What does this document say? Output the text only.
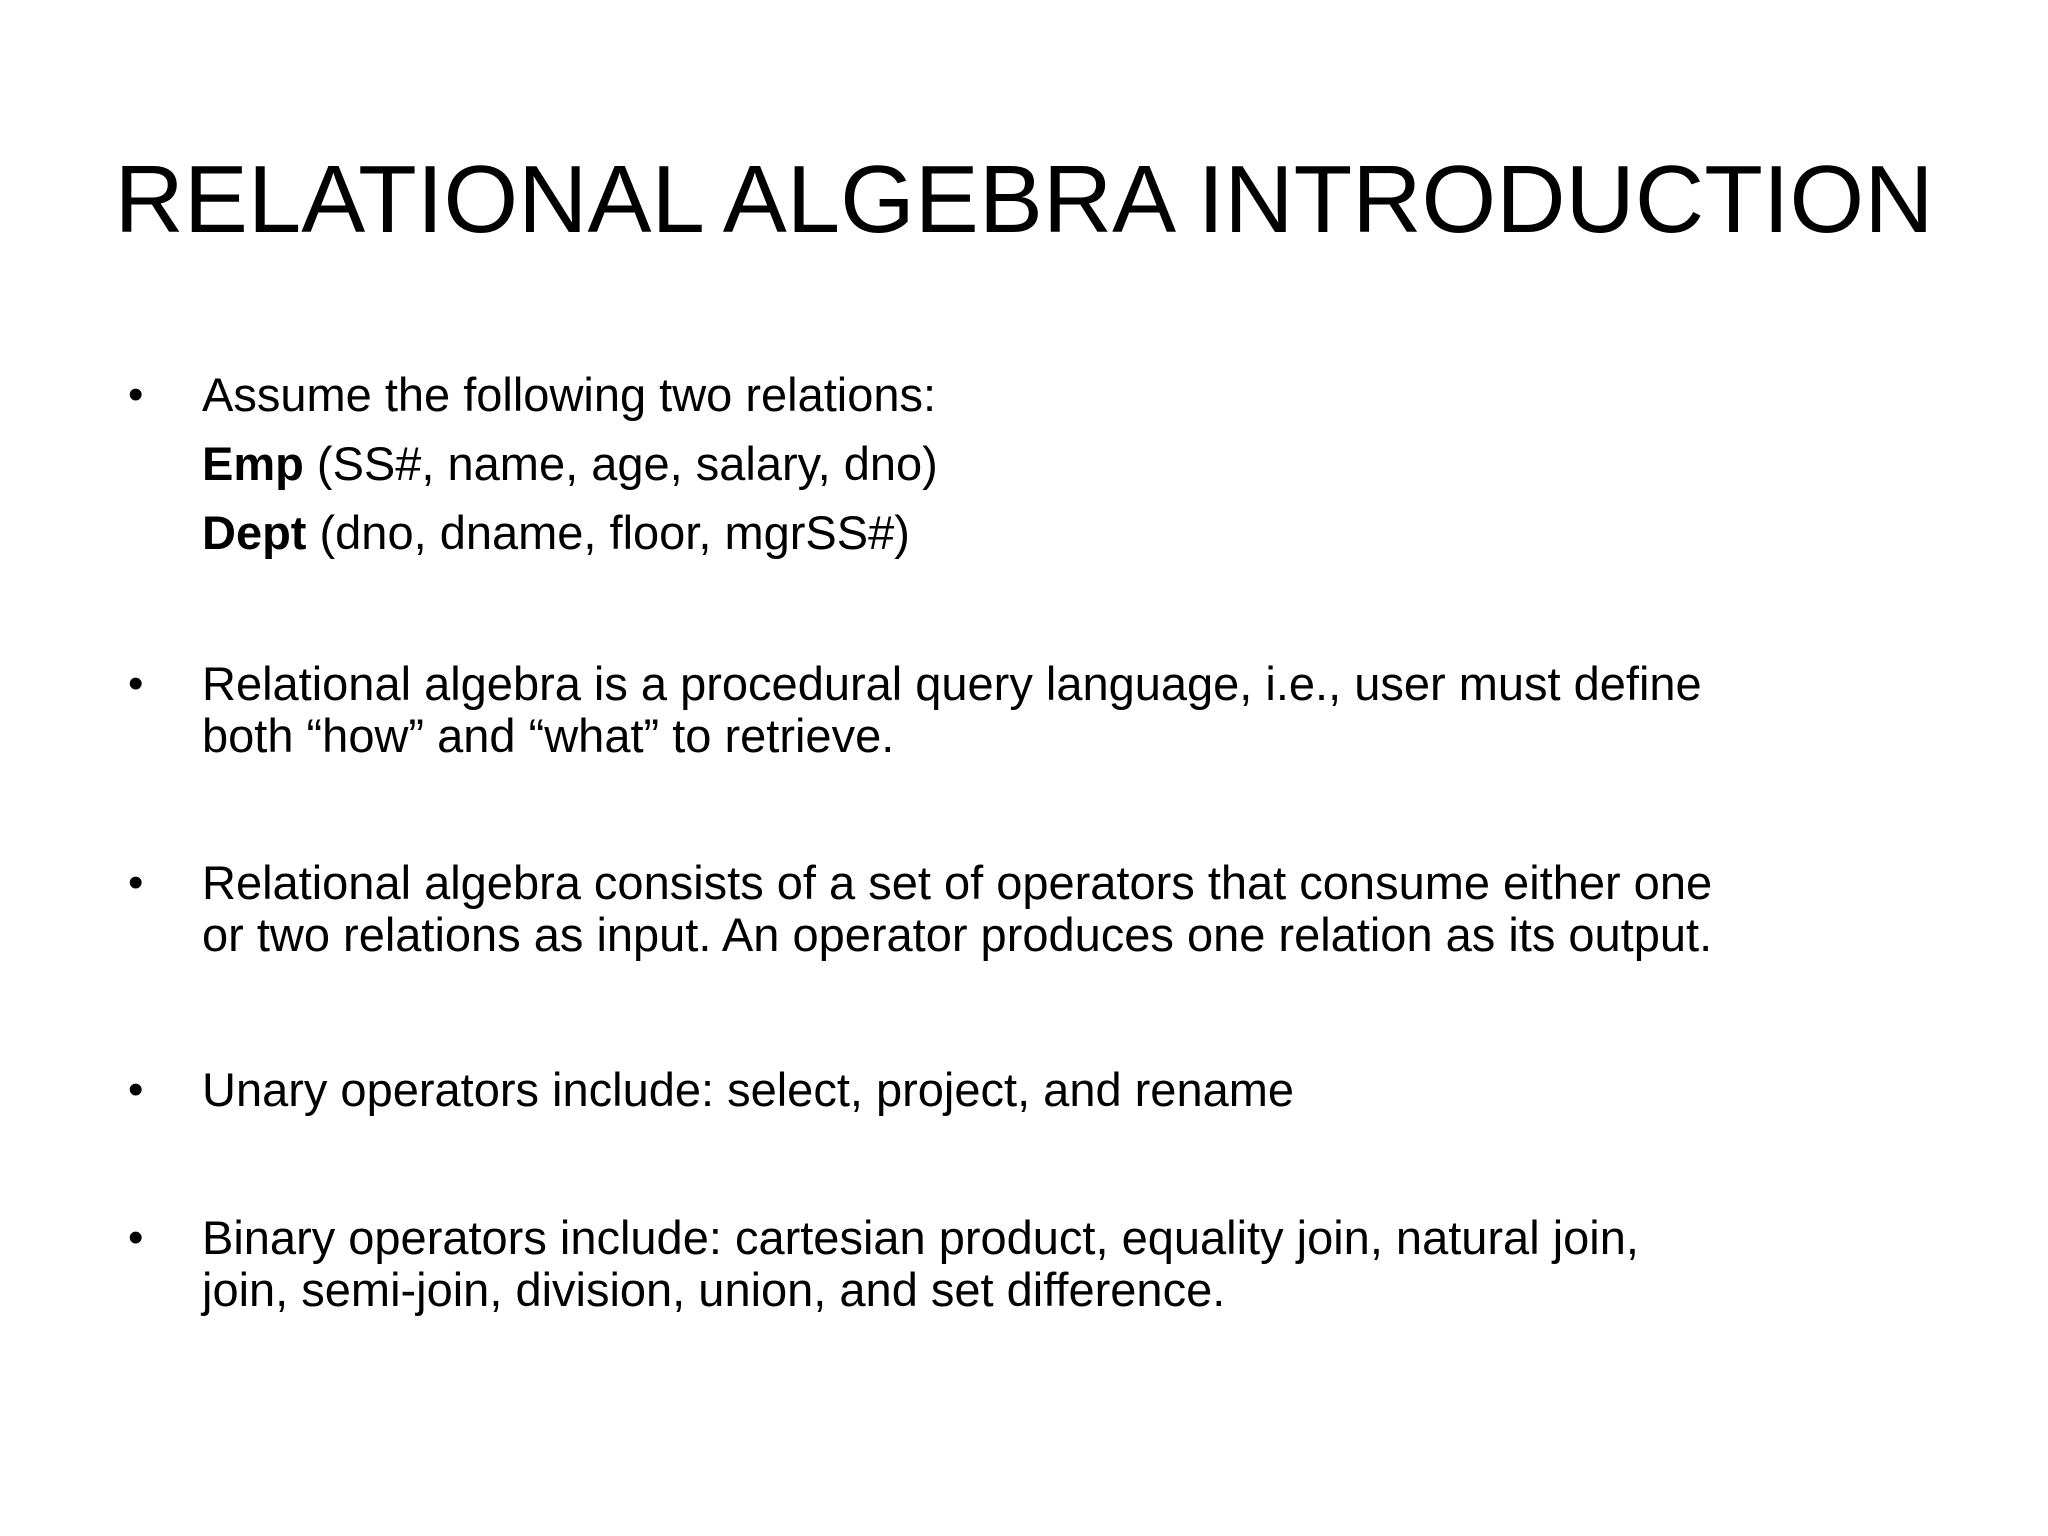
RELATIONAL ALGEBRA INTRODUCTION
• Assume the following two relations:
Emp (SS#, name, age, salary, dno)
Dept (dno, dname, floor, mgrSS#)
• Relational algebra is a procedural query language, i.e., user must define
both “how” and “what” to retrieve.
• Relational algebra consists of a set of operators that consume either one
or two relations as input. An operator produces one relation as its output.
• Unary operators include: select, project, and rename
• Binary operators include: cartesian product, equality join, natural join,
join, semi-join, division, union, and set difference.
